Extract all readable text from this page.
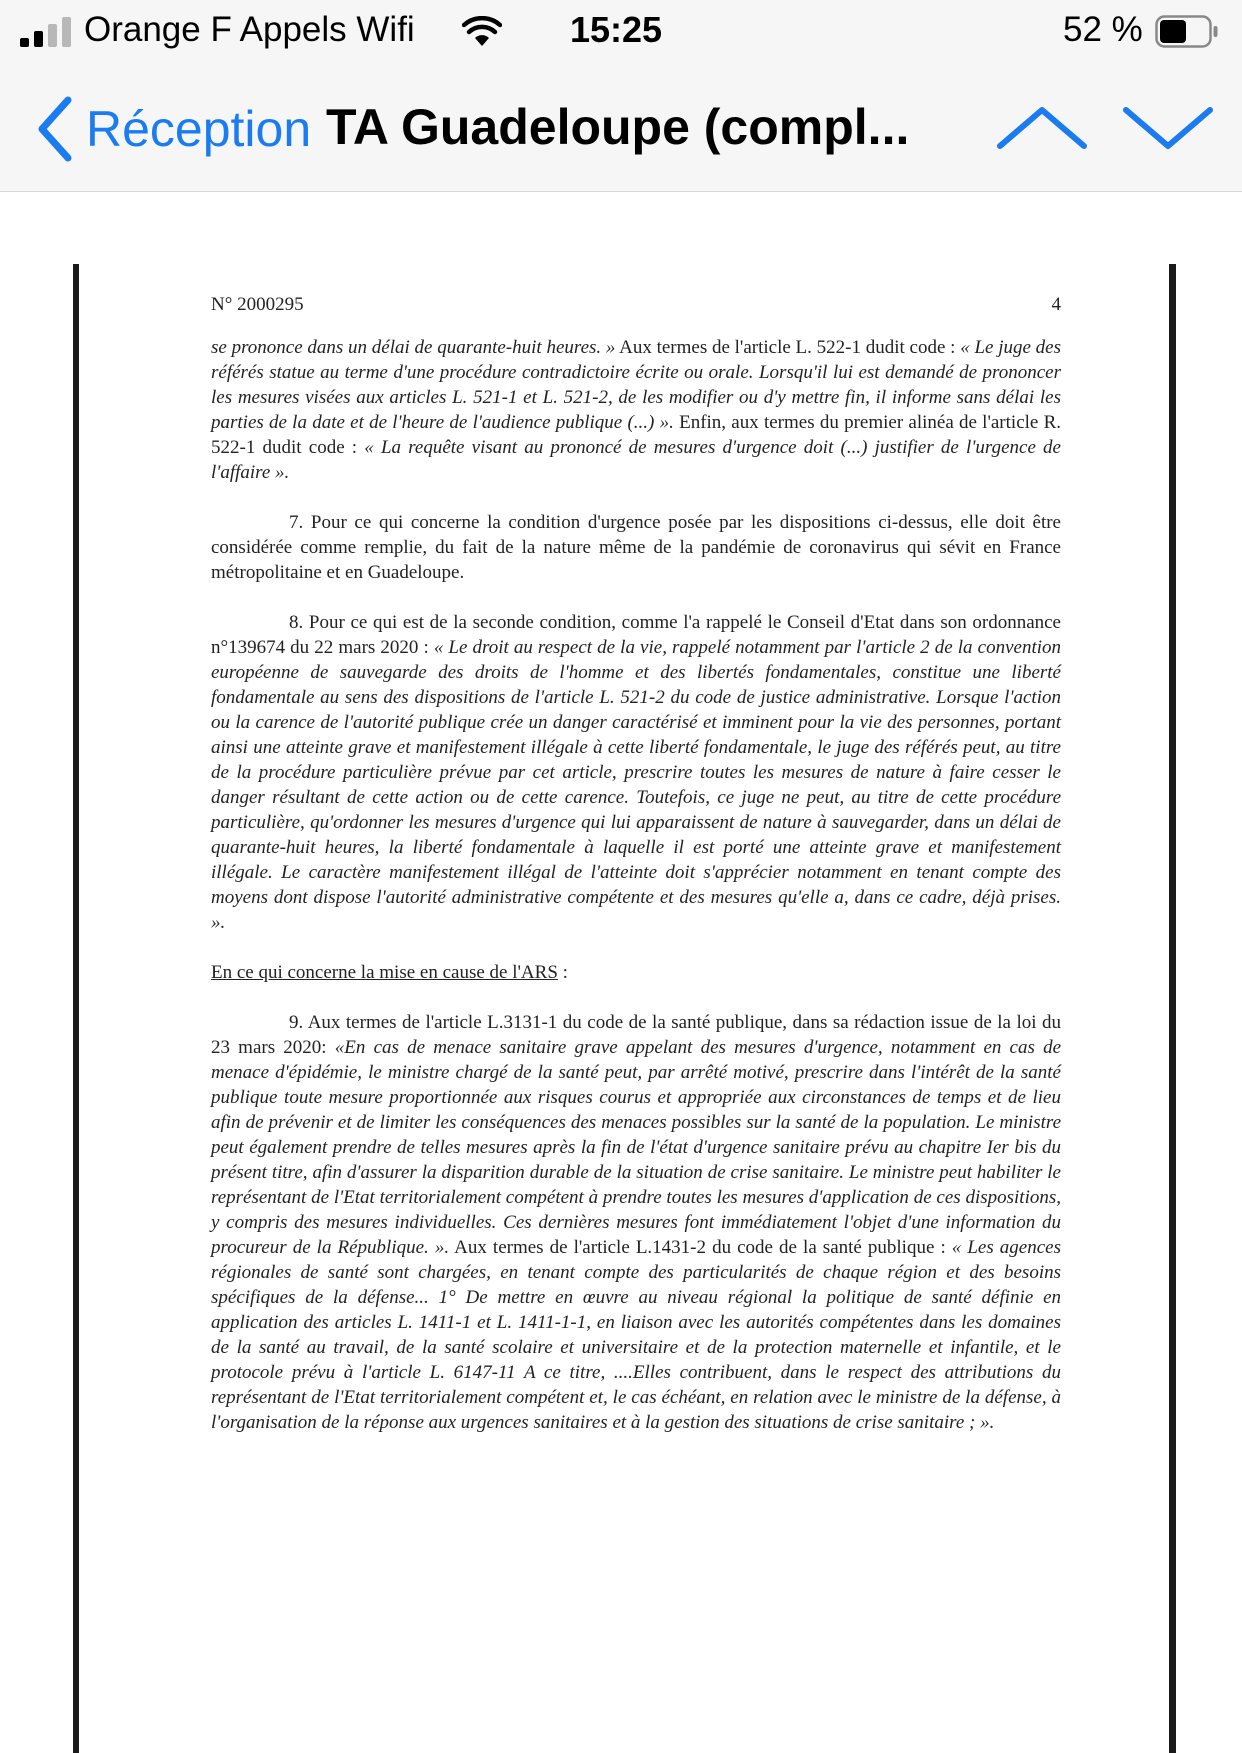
Orange F Appels Wifi	15:25	52 %
Réception TA Guadeloupe (compl...
N° 2000295	4

se prononce dans un délai de quarante-huit heures. » Aux termes de l'article L. 522-1 dudit code : « Le juge des référés statue au terme d'une procédure contradictoire écrite ou orale. Lorsqu'il lui est demandé de prononcer les mesures visées aux articles L. 521-1 et L. 521-2, de les modifier ou d'y mettre fin, il informe sans délai les parties de la date et de l'heure de l'audience publique (...) ». Enfin, aux termes du premier alinéa de l'article R. 522-1 dudit code : « La requête visant au prononcé de mesures d'urgence doit (...) justifier de l'urgence de l'affaire ».

7. Pour ce qui concerne la condition d'urgence posée par les dispositions ci-dessus, elle doit être considérée comme remplie, du fait de la nature même de la pandémie de coronavirus qui sévit en France métropolitaine et en Guadeloupe.

8. Pour ce qui est de la seconde condition, comme l'a rappelé le Conseil d'Etat dans son ordonnance n°139674 du 22 mars 2020 : « Le droit au respect de la vie, rappelé notamment par l'article 2 de la convention européenne de sauvegarde des droits de l'homme et des libertés fondamentales, constitue une liberté fondamentale au sens des dispositions de l'article L. 521-2 du code de justice administrative. Lorsque l'action ou la carence de l'autorité publique crée un danger caractérisé et imminent pour la vie des personnes, portant ainsi une atteinte grave et manifestement illégale à cette liberté fondamentale, le juge des référés peut, au titre de la procédure particulière prévue par cet article, prescrire toutes les mesures de nature à faire cesser le danger résultant de cette action ou de cette carence. Toutefois, ce juge ne peut, au titre de cette procédure particulière, qu'ordonner les mesures d'urgence qui lui apparaissent de nature à sauvegarder, dans un délai de quarante-huit heures, la liberté fondamentale à laquelle il est porté une atteinte grave et manifestement illégale. Le caractère manifestement illégal de l'atteinte doit s'apprécier notamment en tenant compte des moyens dont dispose l'autorité administrative compétente et des mesures qu'elle a, dans ce cadre, déjà prises. ».

En ce qui concerne la mise en cause de l'ARS :

9. Aux termes de l'article L.3131-1 du code de la santé publique, dans sa rédaction issue de la loi du 23 mars 2020: «En cas de menace sanitaire grave appelant des mesures d'urgence, notamment en cas de menace d'épidémie, le ministre chargé de la santé peut, par arrêté motivé, prescrire dans l'intérêt de la santé publique toute mesure proportionnée aux risques courus et appropriée aux circonstances de temps et de lieu afin de prévenir et de limiter les conséquences des menaces possibles sur la santé de la population. Le ministre peut également prendre de telles mesures après la fin de l'état d'urgence sanitaire prévu au chapitre Ier bis du présent titre, afin d'assurer la disparition durable de la situation de crise sanitaire. Le ministre peut habiliter le représentant de l'Etat territorialement compétent à prendre toutes les mesures d'application de ces dispositions, y compris des mesures individuelles. Ces dernières mesures font immédiatement l'objet d'une information du procureur de la République. ». Aux termes de l'article L.1431-2 du code de la santé publique : « Les agences régionales de santé sont chargées, en tenant compte des particularités de chaque région et des besoins spécifiques de la défense... 1° De mettre en œuvre au niveau régional la politique de santé définie en application des articles L. 1411-1 et L. 1411-1-1, en liaison avec les autorités compétentes dans les domaines de la santé au travail, de la santé scolaire et universitaire et de la protection maternelle et infantile, et le protocole prévu à l'article L. 6147-11 A ce titre, ....Elles contribuent, dans le respect des attributions du représentant de l'Etat territorialement compétent et, le cas échéant, en relation avec le ministre de la défense, à l'organisation de la réponse aux urgences sanitaires et à la gestion des situations de crise sanitaire ; ».
